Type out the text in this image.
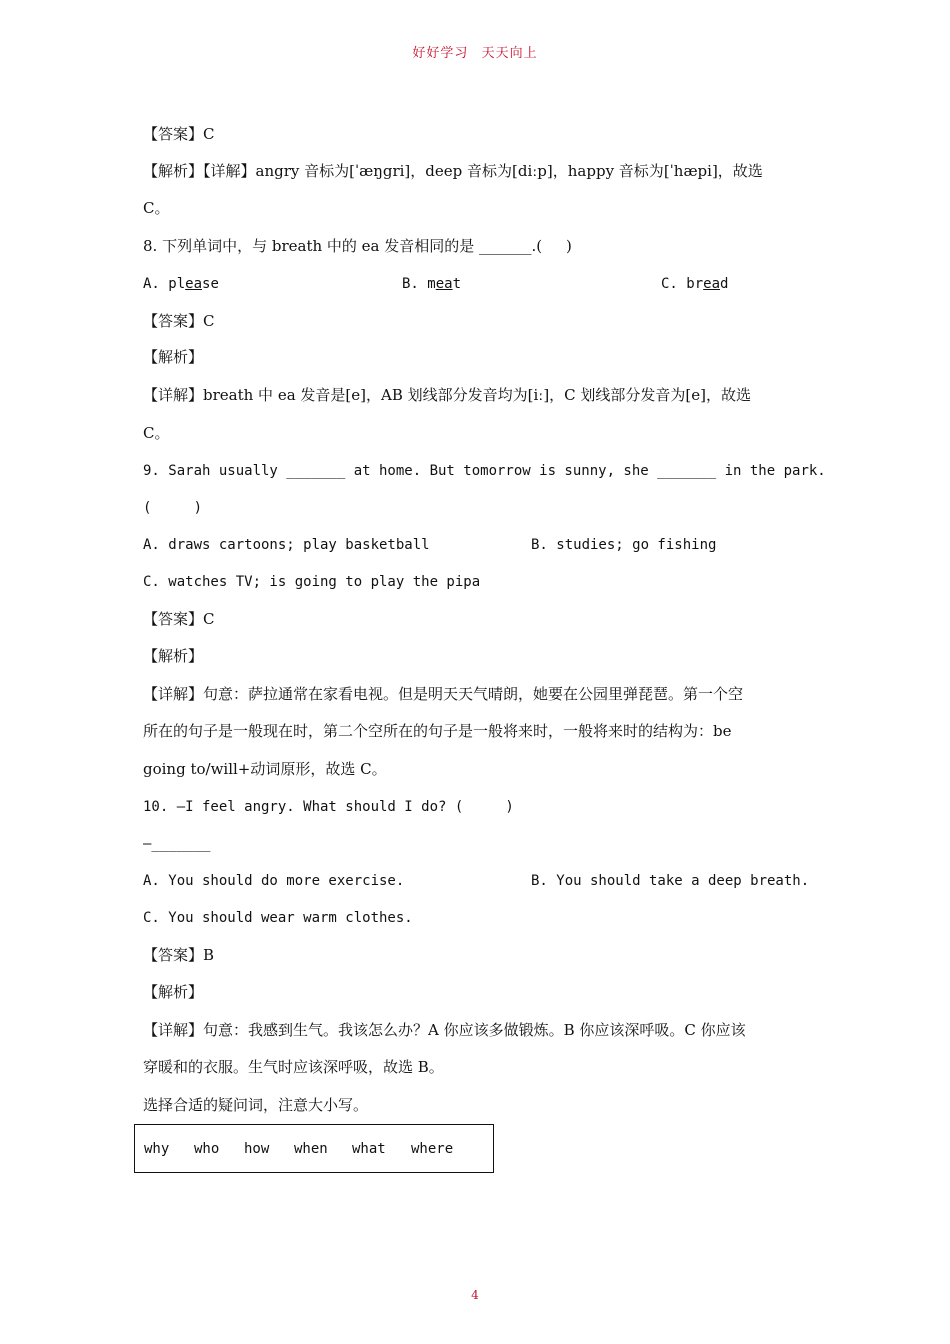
好好学习 天天向上
【答案】C
【解析】【详解】angry 音标为[ˈæŋgri]，deep 音标为[diːp]，happy 音标为[ˈhæpi]，故选
C。
8. 下列单词中，与 breath 中的 ea 发音相同的是 _______.(     )
A. please	B. meat	C. bread
【答案】C
【解析】
【详解】breath 中 ea 发音是[e]，AB 划线部分发音均为[iː]，C 划线部分发音为[e]，故选
C。
9. Sarah usually _______ at home. But tomorrow is sunny, she _______ in the park.
(     )
A. draws cartoons; play basketball	B. studies; go fishing
C. watches TV; is going to play the pipa
【答案】C
【解析】
【详解】句意：萨拉通常在家看电视。但是明天天气晴朗，她要在公园里弹琵琶。第一个空
所在的句子是一般现在时，第二个空所在的句子是一般将来时，一般将来时的结构为：be
going to/will+动词原形，故选 C。
10. —I feel angry. What should I do? (     )
—_______
A. You should do more exercise.	B. You should take a deep breath.
C. You should wear warm clothes.
【答案】B
【解析】
【详解】句意：我感到生气。我该怎么办？A 你应该多做锻炼。B 你应该深呼吸。C 你应该
穿暖和的衣服。生气时应该深呼吸，故选 B。
选择合适的疑问词，注意大小写。
why who how when what where
4
